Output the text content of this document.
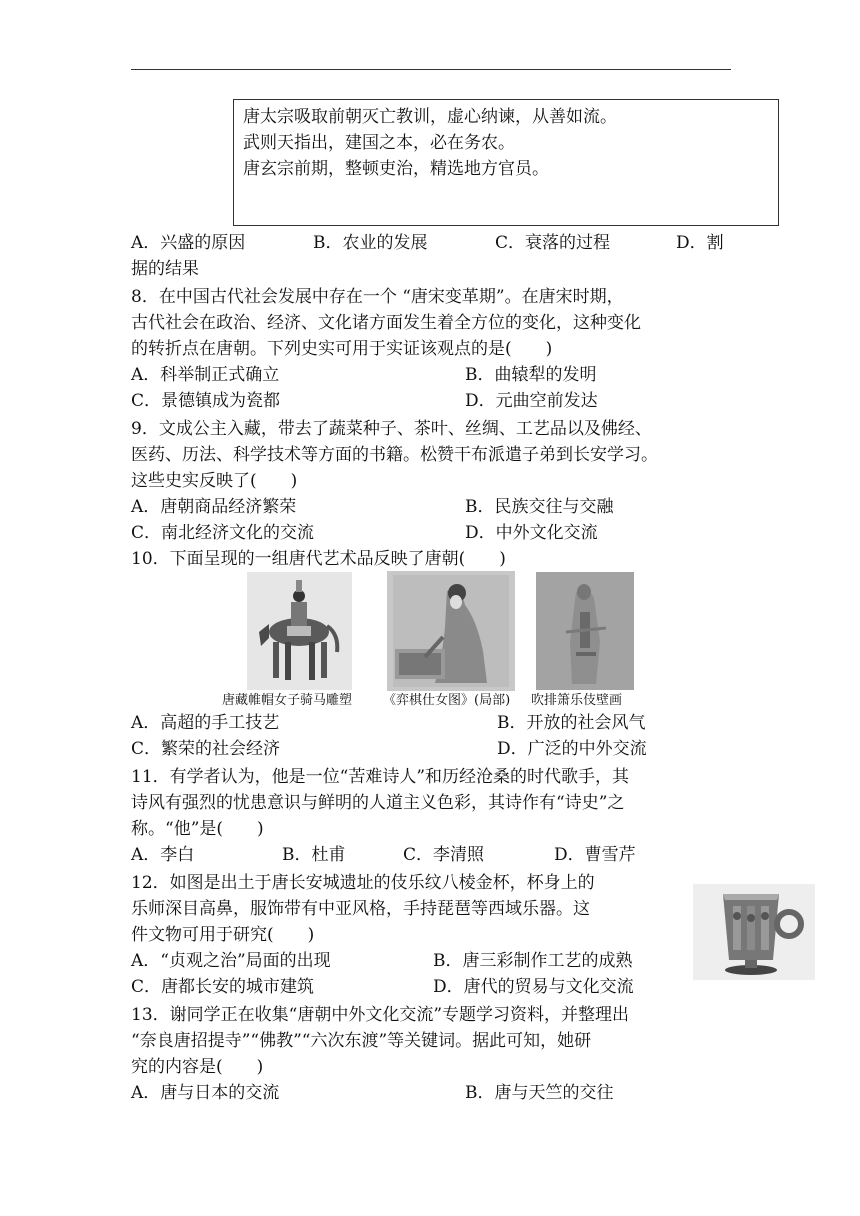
唐太宗吸取前朝灭亡教训，虚心纳谏，从善如流。
武则天指出，建国之本，必在务农。
唐玄宗前期，整顿吏治，精选地方官员。
A．兴盛的原因	B．农业的发展	C．衰落的过程	D．割
据的结果
8．在中国古代社会发展中存在一个 “唐宋变革期”。在唐宋时期，
古代社会在政治、经济、文化诸方面发生着全方位的变化，这种变化
的转折点在唐朝。下列史实可用于实证该观点的是(　　)
A．科举制正式确立	B．曲辕犁的发明
C．景德镇成为瓷都	D．元曲空前发达
9．文成公主入藏，带去了蔬菜种子、茶叶、丝绸、工艺品以及佛经、
医药、历法、科学技术等方面的书籍。松赞干布派遣子弟到长安学习。
这些史实反映了(　　)
A．唐朝商品经济繁荣	B．民族交往与交融
C．南北经济文化的交流	D．中外文化交流
10．下面呈现的一组唐代艺术品反映了唐朝(　　)
唐藏帷帽女子骑马雕塑 《弈棋仕女图》(局部) 吹排箫乐伎壁画
A．高超的手工技艺	B．开放的社会风气
C．繁荣的社会经济	D．广泛的中外交流
11．有学者认为，他是一位“苦难诗人”和历经沧桑的时代歌手，其
诗风有强烈的忧患意识与鲜明的人道主义色彩，其诗作有“诗史”之
称。“他”是(　　)
A．李白	B．杜甫	C．李清照	D．曹雪芹
12．如图是出土于唐长安城遗址的伎乐纹八棱金杯，杯身上的
乐师深目高鼻，服饰带有中亚风格，手持琵琶等西域乐器。这
件文物可用于研究(　　)
A．“贞观之治”局面的出现	B．唐三彩制作工艺的成熟
C．唐都长安的城市建筑	D．唐代的贸易与文化交流
13．谢同学正在收集“唐朝中外文化交流”专题学习资料，并整理出
“奈良唐招提寺”“佛教”“六次东渡”等关键词。据此可知，她研
究的内容是(　　)
A．唐与日本的交流	B．唐与天竺的交往
